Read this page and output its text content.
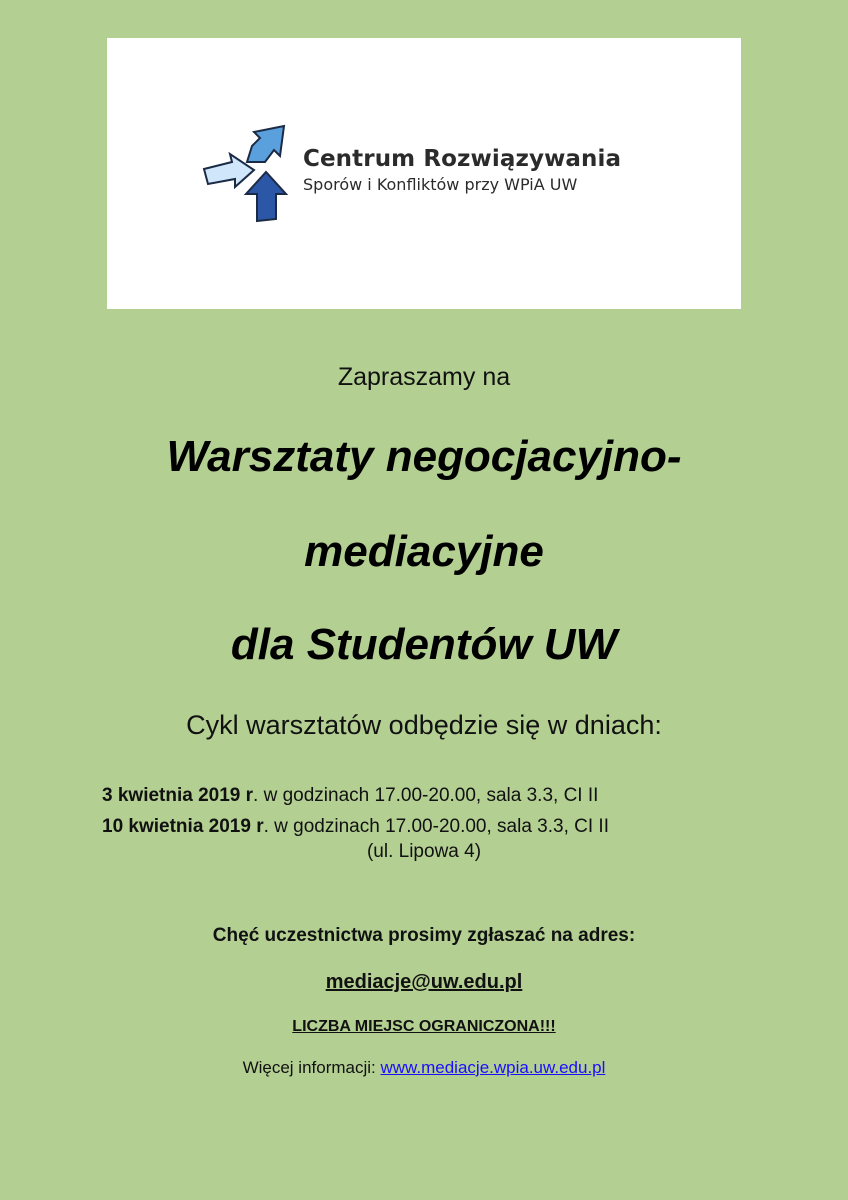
Centrum Rozwiązywania
Sporów i Konfliktów przy WPiA UW
Zapraszamy na
Warsztaty negocjacyjno-
mediacyjne
dla Studentów UW
Cykl warsztatów odbędzie się w dniach:
3 kwietnia 2019 r. w godzinach 17.00-20.00, sala 3.3, CI II
10 kwietnia 2019 r. w godzinach 17.00-20.00, sala 3.3, CI II
(ul. Lipowa 4)
Chęć uczestnictwa prosimy zgłaszać na adres:
mediacje@uw.edu.pl
LICZBA MIEJSC OGRANICZONA!!!
Więcej informacji: www.mediacje.wpia.uw.edu.pl
